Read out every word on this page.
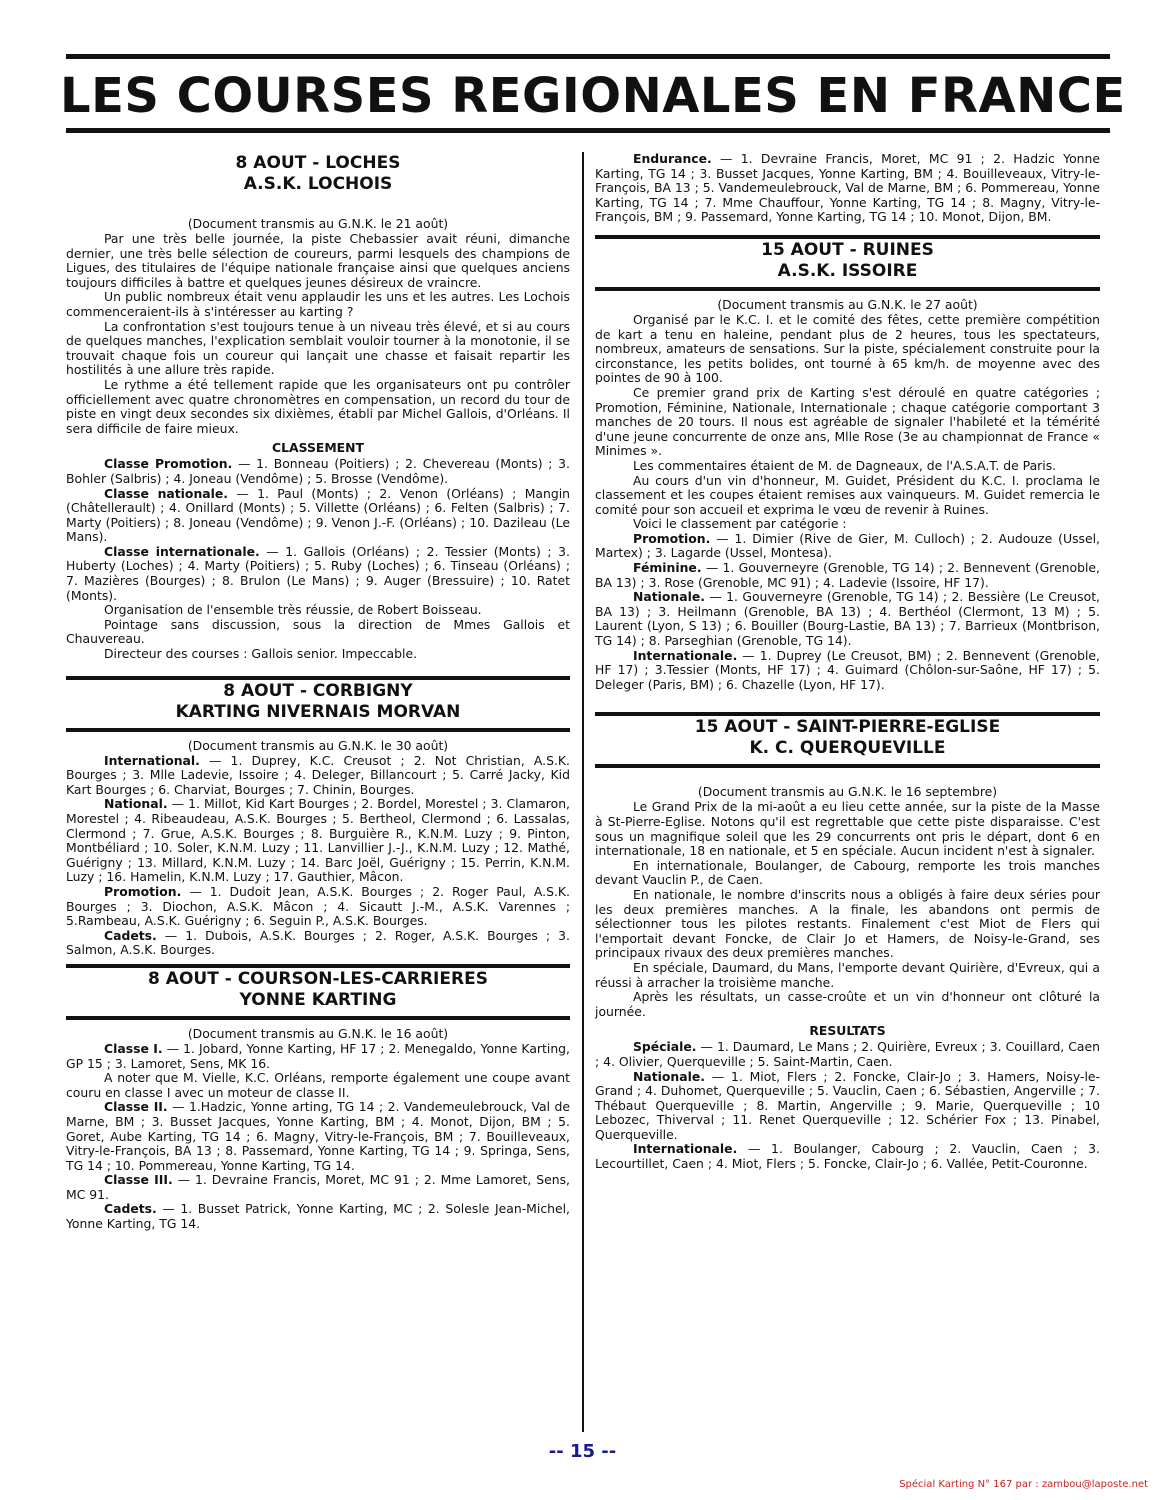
LES COURSES REGIONALES EN FRANCE
8 AOUT - LOCHES
A.S.K. LOCHOIS
(Document transmis au G.N.K. le 21 août)

Par une très belle journée, la piste Chebassier avait réuni, dimanche dernier, une très belle sélection de coureurs, parmi lesquels des champions de Ligues, des titulaires de l'équipe nationale française ainsi que quelques anciens toujours difficiles à battre et quelques jeunes désireux de vraincre.

Un public nombreux était venu applaudir les uns et les autres. Les Lochois commenceraient-ils à s'intéresser au karting ?

La confrontation s'est toujours tenue à un niveau très élevé, et si au cours de quelques manches, l'explication semblait vouloir tourner à la monotonie, il se trouvait chaque fois un coureur qui lançait une chasse et faisait repartir les hostilités à une allure très rapide.

Le rythme a été tellement rapide que les organisateurs ont pu contrôler officiellement avec quatre chronomètres en compensation, un record du tour de piste en vingt deux secondes six dixièmes, établi par Michel Gallois, d'Orléans. Il sera difficile de faire mieux.

CLASSEMENT

Classe Promotion. — 1. Bonneau (Poitiers) ; 2. Chevereau (Monts) ; 3. Bohler (Salbris) ; 4. Joneau (Vendôme) ; 5. Brosse (Vendôme).

Classe nationale. — 1. Paul (Monts) ; 2. Venon (Orléans) ; Mangin (Châtellerault) ; 4. Onillard (Monts) ; 5. Villette (Orléans) ; 6. Felten (Salbris) ; 7. Marty (Poitiers) ; 8. Joneau (Vendôme) ; 9. Venon J.-F. (Orléans) ; 10. Dazileau (Le Mans).

Classe internationale. — 1. Gallois (Orléans) ; 2. Tessier (Monts) ; 3. Huberty (Loches) ; 4. Marty (Poitiers) ; 5. Ruby (Loches) ; 6. Tinseau (Orléans) ; 7. Mazières (Bourges) ; 8. Brulon (Le Mans) ; 9. Auger (Bressuire) ; 10. Ratet (Monts).

Organisation de l'ensemble très réussie, de Robert Boisseau.

Pointage sans discussion, sous la direction de Mmes Gallois et Chauvereau.

Directeur des courses : Gallois senior. Impeccable.

8 AOUT - CORBIGNY
KARTING NIVERNAIS MORVAN
(Document transmis au G.N.K. le 30 août)

International. — 1. Duprey, K.C. Creusot ; 2. Not Christian, A.S.K. Bourges ; 3. Mlle Ladevie, Issoire ; 4. Deleger, Billancourt ; 5. Carré Jacky, Kid Kart Bourges ; 6. Charviat, Bourges ; 7. Chinin, Bourges.

National. — 1. Millot, Kid Kart Bourges ; 2. Bordel, Morestel ; 3. Clamaron, Morestel ; 4. Ribeaudeau, A.S.K. Bourges ; 5. Bertheol, Clermond ; 6. Lassalas, Clermond ; 7. Grue, A.S.K. Bourges ; 8. Burguière R., K.N.M. Luzy ; 9. Pinton, Montbéliard ; 10. Soler, K.N.M. Luzy ; 11. Lanvillier J.-J., K.N.M. Luzy ; 12. Mathé, Guérigny ; 13. Millard, K.N.M. Luzy ; 14. Barc Joël, Guérigny ; 15. Perrin, K.N.M. Luzy ; 16. Hamelin, K.N.M. Luzy ; 17. Gauthier, Mâcon.

Promotion. — 1. Dudoit Jean, A.S.K. Bourges ; 2. Roger Paul, A.S.K. Bourges ; 3. Diochon, A.S.K. Mâcon ; 4. Sicautt J.-M., A.S.K. Varennes ; 5.Rambeau, A.S.K. Guérigny ; 6. Seguin P., A.S.K. Bourges.

Cadets. — 1. Dubois, A.S.K. Bourges ; 2. Roger, A.S.K. Bourges ; 3. Salmon, A.S.K. Bourges.

8 AOUT - COURSON-LES-CARRIERES
YONNE KARTING
(Document transmis au G.N.K. le 16 août)

Classe I. — 1. Jobard, Yonne Karting, HF 17 ; 2. Menegaldo, Yonne Karting, GP 15 ; 3. Lamoret, Sens, MK 16.

A noter que M. Vielle, K.C. Orléans, remporte également une coupe avant couru en classe I avec un moteur de classe II.

Classe II. — 1.Hadzic, Yonne arting, TG 14 ; 2. Vandemeulebrouck, Val de Marne, BM ; 3. Busset Jacques, Yonne Karting, BM ; 4. Monot, Dijon, BM ; 5. Goret, Aube Karting, TG 14 ; 6. Magny, Vitry-le-François, BM ; 7. Bouilleveaux, Vitry-le-François, BA 13 ; 8. Passemard, Yonne Karting, TG 14 ; 9. Springa, Sens, TG 14 ; 10. Pommereau, Yonne Karting, TG 14.

Classe III. — 1. Devraine Francis, Moret, MC 91 ; 2. Mme Lamoret, Sens, MC 91.

Cadets. — 1. Busset Patrick, Yonne Karting, MC ; 2. Solesle Jean-Michel, Yonne Karting, TG 14.

Endurance. — 1. Devraine Francis, Moret, MC 91 ; 2. Hadzic Yonne Karting, TG 14 ; 3. Busset Jacques, Yonne Karting, BM ; 4. Bouilleveaux, Vitry-le-François, BA 13 ; 5. Vandemeulebrouck, Val de Marne, BM ; 6. Pommereau, Yonne Karting, TG 14 ; 7. Mme Chauffour, Yonne Karting, TG 14 ; 8. Magny, Vitry-le-François, BM ; 9. Passemard, Yonne Karting, TG 14 ; 10. Monot, Dijon, BM.

15 AOUT - RUINES
A.S.K. ISSOIRE
(Document transmis au G.N.K. le 27 août)

Organisé par le K.C. I. et le comité des fêtes, cette première compétition de kart a tenu en haleine, pendant plus de 2 heures, tous les spectateurs, nombreux, amateurs de sensations. Sur la piste, spécialement construite pour la circonstance, les petits bolides, ont tourné à 65 km/h. de moyenne avec des pointes de 90 à 100.

Ce premier grand prix de Karting s'est déroulé en quatre catégories ; Promotion, Féminine, Nationale, Internationale ; chaque catégorie comportant 3 manches de 20 tours. Il nous est agréable de signaler l'habileté et la témérité d'une jeune concurrente de onze ans, Mlle Rose (3e au championnat de France « Minimes ».

Les commentaires étaient de M. de Dagneaux, de l'A.S.A.T. de Paris.

Au cours d'un vin d'honneur, M. Guidet, Président du K.C. I. proclama le classement et les coupes étaient remises aux vainqueurs. M. Guidet remercia le comité pour son accueil et exprima le vœu de revenir à Ruines.

Voici le classement par catégorie :

Promotion. — 1. Dimier (Rive de Gier, M. Culloch) ; 2. Audouze (Ussel, Martex) ; 3. Lagarde (Ussel, Montesa).

Féminine. — 1. Gouverneyre (Grenoble, TG 14) ; 2. Bennevent (Grenoble, BA 13) ; 3. Rose (Grenoble, MC 91) ; 4. Ladevie (Issoire, HF 17).

Nationale. — 1. Gouverneyre (Grenoble, TG 14) ; 2. Bessière (Le Creusot, BA 13) ; 3. Heilmann (Grenoble, BA 13) ; 4. Berthéol (Clermont, 13 M) ; 5. Laurent (Lyon, S 13) ; 6. Bouiller (Bourg-Lastie, BA 13) ; 7. Barrieux (Montbrison, TG 14) ; 8. Parseghian (Grenoble, TG 14).

Internationale. — 1. Duprey (Le Creusot, BM) ; 2. Bennevent (Grenoble, HF 17) ; 3.Tessier (Monts, HF 17) ; 4. Guimard (Chôlon-sur-Saône, HF 17) ; 5. Deleger (Paris, BM) ; 6. Chazelle (Lyon, HF 17).

15 AOUT - SAINT-PIERRE-EGLISE
K. C. QUERQUEVILLE
(Document transmis au G.N.K. le 16 septembre)

Le Grand Prix de la mi-août a eu lieu cette année, sur la piste de la Masse à St-Pierre-Eglise. Notons qu'il est regrettable que cette piste disparaisse. C'est sous un magnifique soleil que les 29 concurrents ont pris le départ, dont 6 en internationale, 18 en nationale, et 5 en spéciale. Aucun incident n'est à signaler.

En internationale, Boulanger, de Cabourg, remporte les trois manches devant Vauclin P., de Caen.

En nationale, le nombre d'inscrits nous a obligés à faire deux séries pour les deux premières manches. A la finale, les abandons ont permis de sélectionner tous les pilotes restants. Finalement c'est Miot de Flers qui l'emportait devant Foncke, de Clair Jo et Hamers, de Noisy-le-Grand, ses principaux rivaux des deux premières manches.

En spéciale, Daumard, du Mans, l'emporte devant Quirière, d'Evreux, qui a réussi à arracher la troisième manche.

Après les résultats, un casse-croûte et un vin d'honneur ont clôturé la journée.

RESULTATS

Spéciale. — 1. Daumard, Le Mans ; 2. Quirière, Evreux ; 3. Couillard, Caen ; 4. Olivier, Querqueville ; 5. Saint-Martin, Caen.

Nationale. — 1. Miot, Flers ; 2. Foncke, Clair-Jo ; 3. Hamers, Noisy-le-Grand ; 4. Duhomet, Querqueville ; 5. Vauclin, Caen ; 6. Sébastien, Angerville ; 7. Thébaut Querqueville ; 8. Martin, Angerville ; 9. Marie, Querqueville ; 10 Lebozec, Thiverval ; 11. Renet Querqueville ; 12. Schérier Fox ; 13. Pinabel, Querqueville.

Internationale. — 1. Boulanger, Cabourg ; 2. Vauclin, Caen ; 3. Lecourtillet, Caen ; 4. Miot, Flers ; 5. Foncke, Clair-Jo ; 6. Vallée, Petit-Couronne.

-- 15 --
Spécial Karting N° 167 par : zambou@laposte.net
